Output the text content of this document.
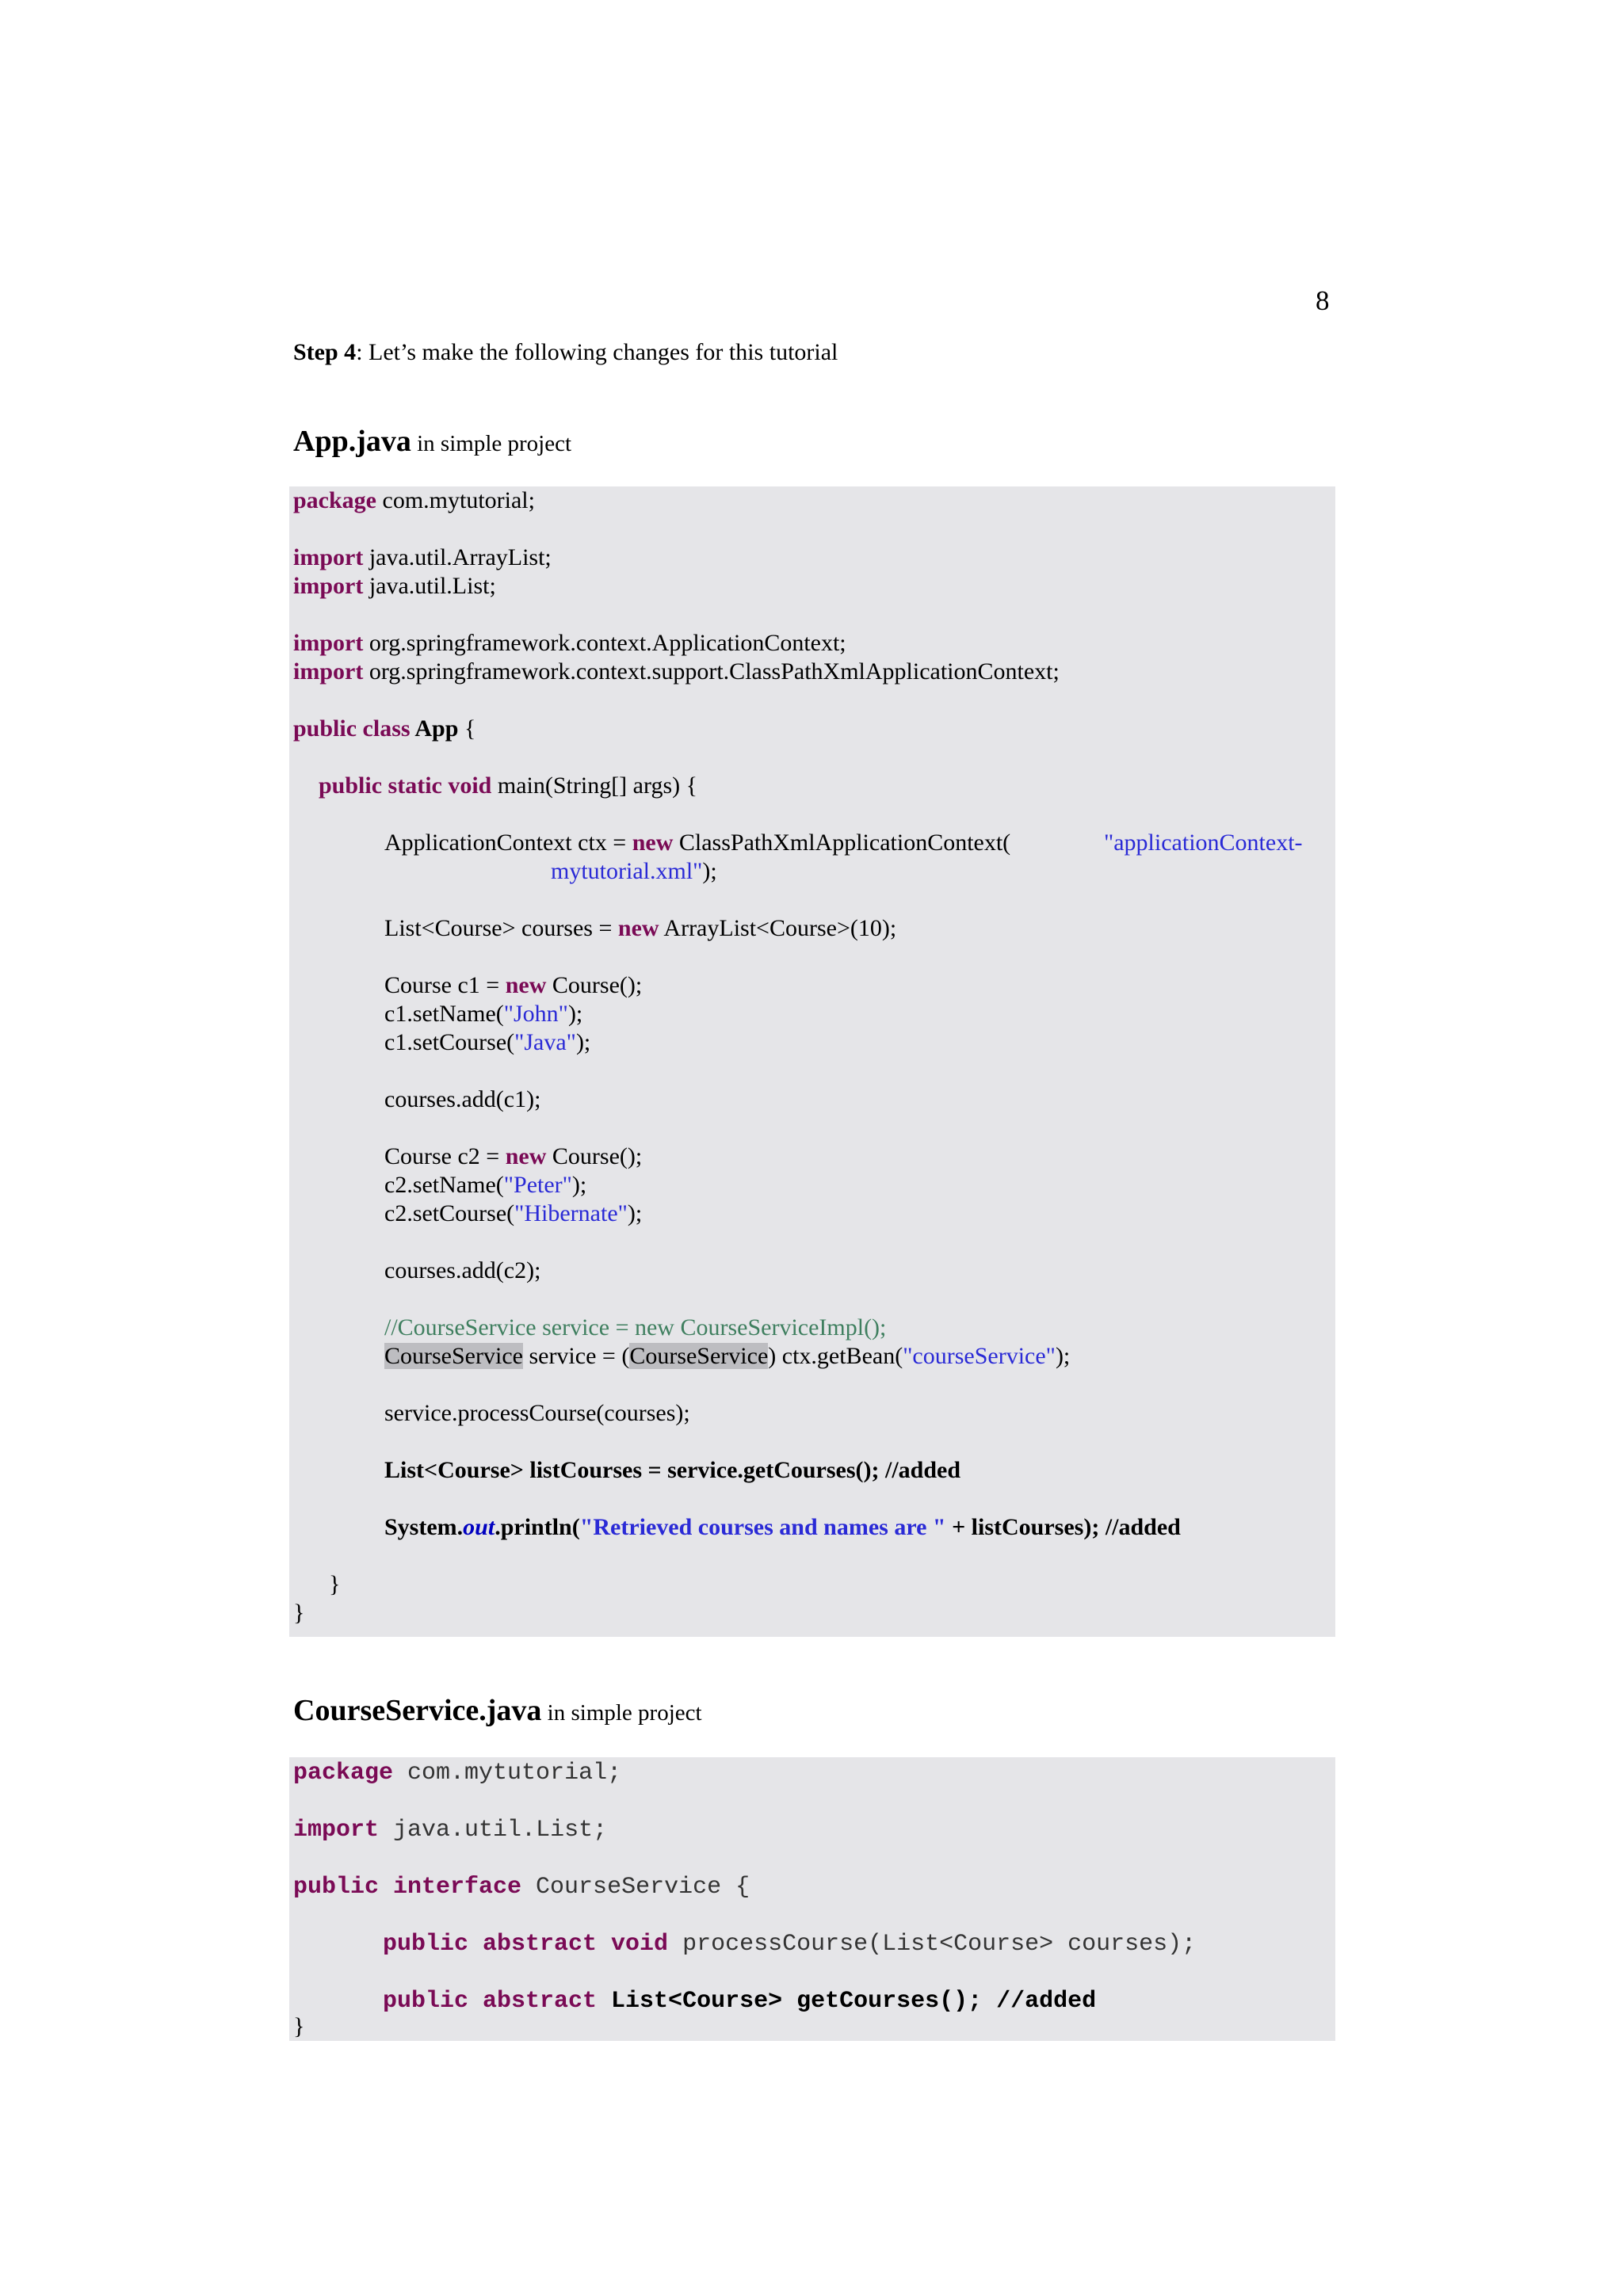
8
Step 4: Let’s make the following changes for this tutorial
App.java in simple project
package com.mytutorial;
import java.util.ArrayList;
import java.util.List;
import org.springframework.context.ApplicationContext;
import org.springframework.context.support.ClassPathXmlApplicationContext;
public class App {
public static void main(String[] args) {
ApplicationContext ctx = new ClassPathXmlApplicationContext(	"applicationContext-
mytutorial.xml");
List<Course> courses = new ArrayList<Course>(10);
Course c1 = new Course();
c1.setName("John");
c1.setCourse("Java");
courses.add(c1);
Course c2 = new Course();
c2.setName("Peter");
c2.setCourse("Hibernate");
courses.add(c2);
//CourseService service = new CourseServiceImpl();
CourseService service = (CourseService) ctx.getBean("courseService");
service.processCourse(courses);
List<Course> listCourses = service.getCourses(); //added
System.out.println("Retrieved courses and names are " + listCourses); //added
}
}
CourseService.java in simple project
package com.mytutorial;
import java.util.List;
public interface CourseService {
public abstract void processCourse(List<Course> courses);
public abstract List<Course> getCourses(); //added
}
